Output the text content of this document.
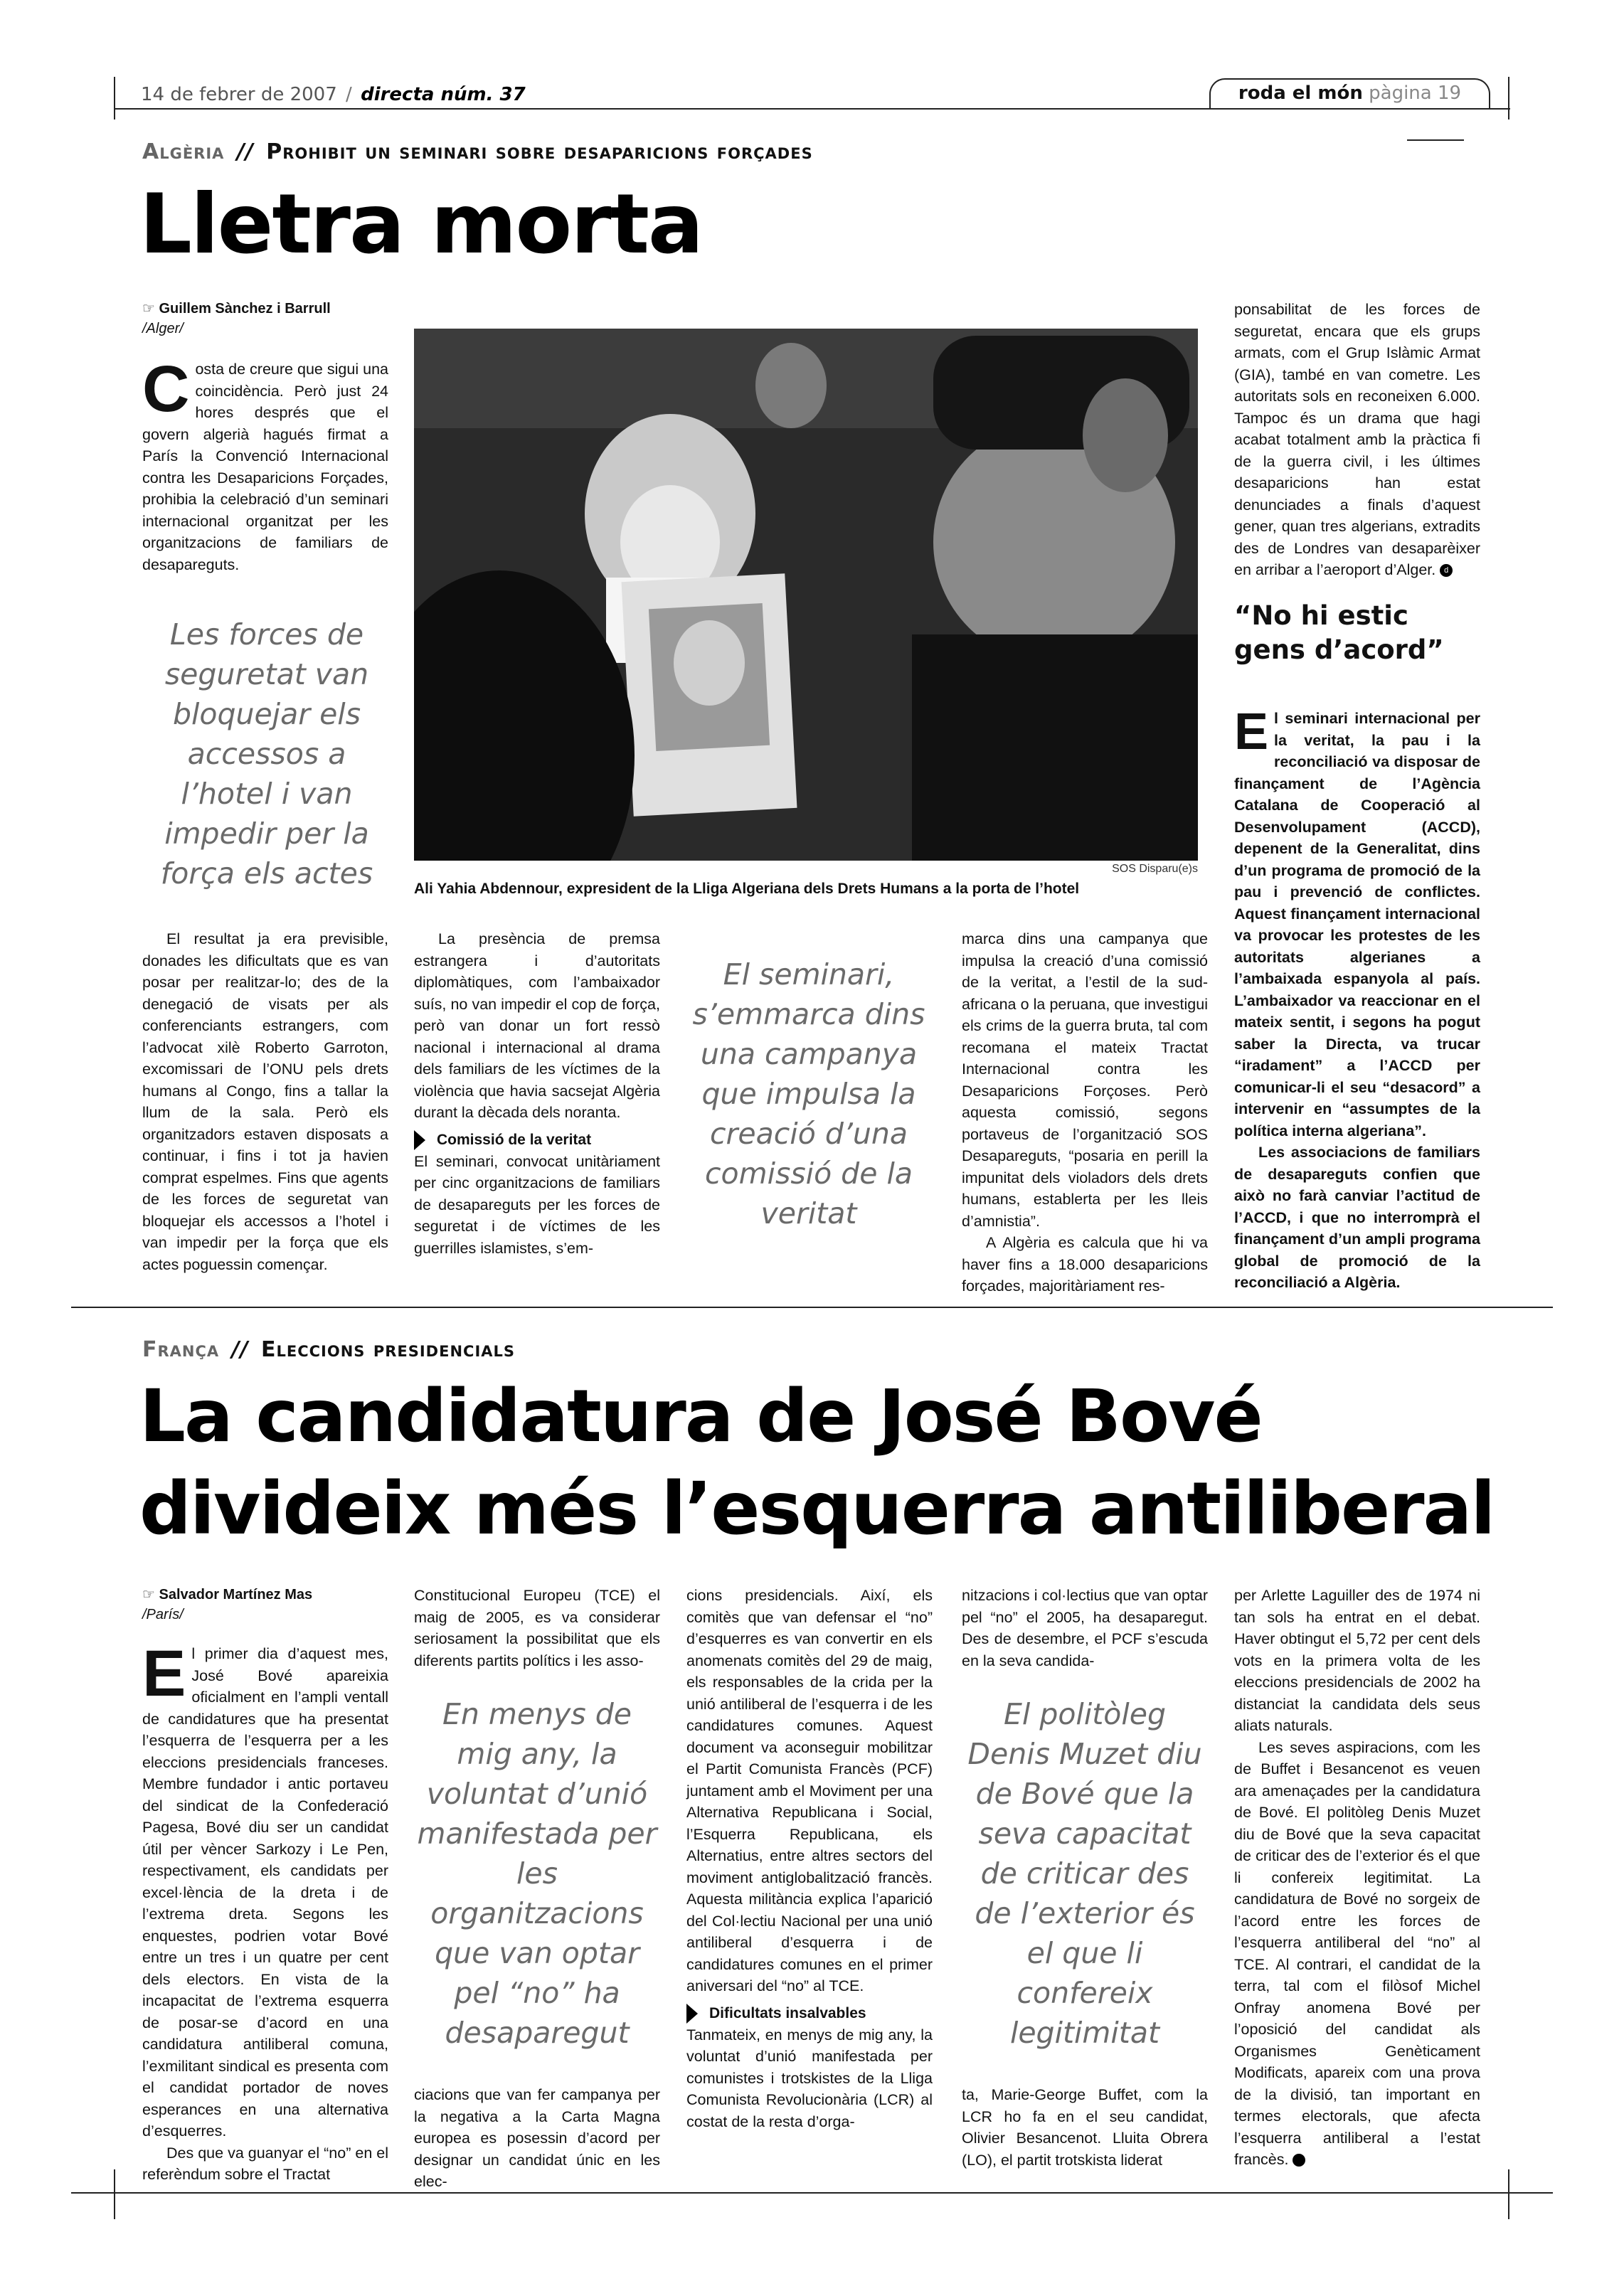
14 de febrer de 2007 / directa núm. 37	roda el món pàgina 19
Algèria // Prohibit un seminari sobre desaparicions forçades
Lletra morta
☞ Guillem Sànchez i Barrull
/Alger/
Costa de creure que sigui una coincidència. Però just 24 hores després que el govern algerià hagués firmat a París la Convenció Internacional contra les Desaparicions Forçades, prohibia la celebració d’un seminari internacional organitzat per les organitzacions de familiars de desapareguts.
Les forces de seguretat van bloquejar els accessos a l’hotel i van impedir per la força els actes

El resultat ja era previsible, donades les dificultats que es van posar per realitzar-lo; des de la denegació de visats per als conferenciants estrangers, com l’advocat xilè Roberto Garroton, excomissari de l’ONU pels drets humans al Congo, fins a tallar la llum de la sala. Però els organitzadors estaven disposats a continuar, i fins i tot ja havien comprat espelmes. Fins que agents de les forces de seguretat van bloquejar els accessos a l’hotel i van impedir per la força que els actes poguessin començar.

SOS Disparu(e)s
Ali Yahia Abdennour, expresident de la Lliga Algeriana dels Drets Humans a la porta de l’hotel

La presència de premsa estrangera i d’autoritats diplomàtiques, com l’ambaixador suís, no van impedir el cop de força, però van donar un fort ressò nacional i internacional al drama dels familiars de les víctimes de la violència que havia sacsejat Algèria durant la dècada dels noranta.

Comissió de la veritat

El seminari, convocat unitàriament per cinc organitzacions de familiars de desapareguts per les forces de seguretat i de víctimes de les guerrilles islamistes, s’em-

El seminari, s’emmarca dins una campanya que impulsa la creació d’una comissió de la veritat

marca dins una campanya que impulsa la creació d’una comissió de la veritat, a l’estil de la sud-africana o la peruana, que investigui els crims de la guerra bruta, tal com recomana el mateix Tractat Internacional contra les Desaparicions Forçoses. Però aquesta comissió, segons portaveus de l’organització SOS Desapareguts, “posaria en perill la impunitat dels violadors dels drets humans, establerta per les lleis d’amnistia”.

A Algèria es calcula que hi va haver fins a 18.000 desaparicions forçades, majoritàriament res-

ponsabilitat de les forces de seguretat, encara que els grups armats, com el Grup Islàmic Armat (GIA), també en van cometre. Les autoritats sols en reconeixen 6.000. Tampoc és un drama que hagi acabat totalment amb la pràctica fi de la guerra civil, i les últimes desaparicions han estat denunciades a finals d’aquest gener, quan tres algerians, extradits des de Londres van desaparèixer en arribar a l’aeroport d’Alger. d

“No hi estic gens d’acord”

El seminari internacional per la veritat, la pau i la reconciliació va disposar de finançament de l’Agència Catalana de Cooperació al Desenvolupament (ACCD), depenent de la Generalitat, dins d’un programa de promoció de la pau i prevenció de conflictes. Aquest finançament internacional va provocar les protestes de les autoritats algerianes a l’ambaixada espanyola al país. L’ambaixador va reaccionar en el mateix sentit, i segons ha pogut saber la Directa, va trucar “iradament” a l’ACCD per comunicar-li el seu “desacord” a intervenir en “assumptes de la política interna algeriana”.

Les associacions de familiars de desapareguts confien que això no farà canviar l’actitud de l’ACCD, i que no interromprà el finançament d’un ampli programa global de promoció de la reconciliació a Algèria.

França // Eleccions presidencials
La candidatura de José Bové
divideix més l’esquerra antiliberal
☞ Salvador Martínez Mas
/París/
El primer dia d’aquest mes, José Bové apareixia oficialment en l’ampli ventall de candidatures que ha presentat l’esquerra de l’esquerra per a les eleccions presidencials franceses. Membre fundador i antic portaveu del sindicat de la Confederació Pagesa, Bové diu ser un candidat útil per vèncer Sarkozy i Le Pen, respectivament, els candidats per excel·lència de la dreta i de l’extrema dreta. Segons les enquestes, podrien votar Bové entre un tres i un quatre per cent dels electors. En vista de la incapacitat de l’extrema esquerra de posar-se d’acord en una candidatura antiliberal comuna, l’exmilitant sindical es presenta com el candidat portador de noves esperances en una alternativa d’esquerres.

Des que va guanyar el “no” en el referèndum sobre el Tractat

Constitucional Europeu (TCE) el maig de 2005, es va considerar seriosament la possibilitat que els diferents partits polítics i les asso-

En menys de mig any, la voluntat d’unió manifestada per les organitzacions que van optar pel “no” ha desaparegut

ciacions que van fer campanya per la negativa a la Carta Magna europea es posessin d’acord per designar un candidat únic en les elec-

cions presidencials. Així, els comitès que van defensar el “no” d’esquerres es van convertir en els anomenats comitès del 29 de maig, els responsables de la crida per la unió antiliberal de l’esquerra i de les candidatures comunes. Aquest document va aconseguir mobilitzar el Partit Comunista Francès (PCF) juntament amb el Moviment per una Alternativa Republicana i Social, l’Esquerra Republicana, els Alternatius, entre altres sectors del moviment antiglobalització francès. Aquesta militància explica l’aparició del Col·lectiu Nacional per una unió antiliberal d’esquerra i de candidatures comunes en el primer aniversari del “no” al TCE.

Dificultats insalvables

Tanmateix, en menys de mig any, la voluntat d’unió manifestada per comunistes i trotskistes de la Lliga Comunista Revolucionària (LCR) al costat de la resta d’orga-

nitzacions i col·lectius que van optar pel “no” el 2005, ha desaparegut. Des de desembre, el PCF s’escuda en la seva candida-

El politòleg Denis Muzet diu de Bové que la seva capacitat de criticar des de l’exterior és el que li confereix legitimitat

ta, Marie-George Buffet, com la LCR ho fa en el seu candidat, Olivier Besancenot. Lluita Obrera (LO), el partit trotskista liderat

per Arlette Laguiller des de 1974 ni tan sols ha entrat en el debat. Haver obtingut el 5,72 per cent dels vots en la primera volta de les eleccions presidencials de 2002 ha distanciat la candidata dels seus aliats naturals.

Les seves aspiracions, com les de Buffet i Besancenot es veuen ara amenaçades per la candidatura de Bové. El politòleg Denis Muzet diu de Bové que la seva capacitat de criticar des de l’exterior és el que li confereix legitimitat. La candidatura de Bové no sorgeix de l’acord entre les forces de l’esquerra antiliberal del “no” al TCE. Al contrari, el candidat de la terra, tal com el filòsof Michel Onfray anomena Bové per l’oposició del candidat als Organismes Genèticament Modificats, apareix com una prova de la divisió, tan important en termes electorals, que afecta l’esquerra antiliberal a l’estat francès.	d
